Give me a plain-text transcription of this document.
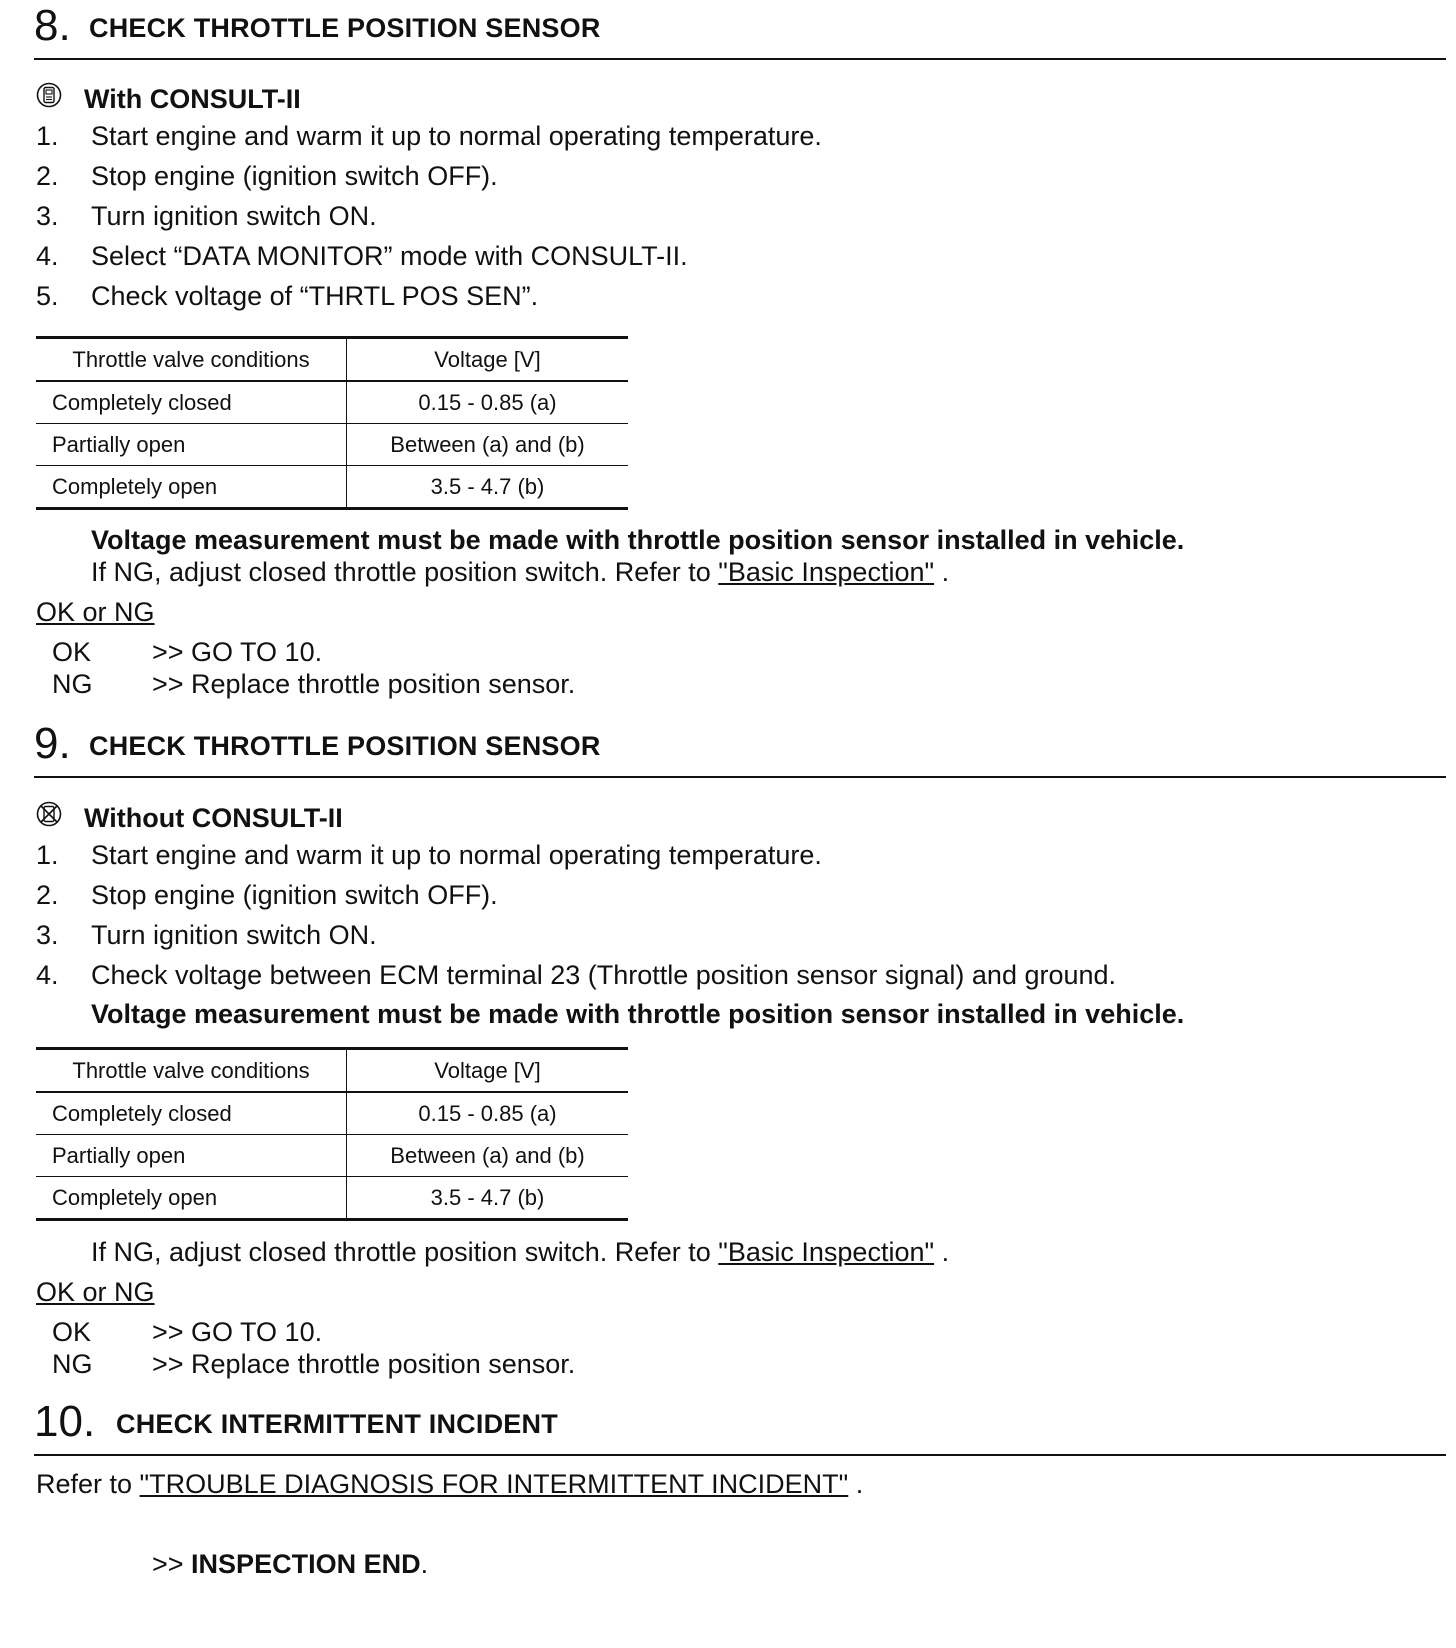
8. CHECK THROTTLE POSITION SENSOR
With CONSULT-II
1.	Start engine and warm it up to normal operating temperature.
2.	Stop engine (ignition switch OFF).
3.	Turn ignition switch ON.
4.	Select “DATA MONITOR” mode with CONSULT-II.
5.	Check voltage of “THRTL POS SEN”.
Throttle valve conditions	Voltage [V]
Completely closed	0.15 - 0.85 (a)
Partially open	Between (a) and (b)
Completely open	3.5 - 4.7 (b)
Voltage measurement must be made with throttle position sensor installed in vehicle.
If NG, adjust closed throttle position switch. Refer to "Basic Inspection" .
OK or NG
OK >> GO TO 10.
NG >> Replace throttle position sensor.
9. CHECK THROTTLE POSITION SENSOR
Without CONSULT-II
1.	Start engine and warm it up to normal operating temperature.
2.	Stop engine (ignition switch OFF).
3.	Turn ignition switch ON.
4.	Check voltage between ECM terminal 23 (Throttle position sensor signal) and ground.
Voltage measurement must be made with throttle position sensor installed in vehicle.
Throttle valve conditions	Voltage [V]
Completely closed	0.15 - 0.85 (a)
Partially open	Between (a) and (b)
Completely open	3.5 - 4.7 (b)
If NG, adjust closed throttle position switch. Refer to "Basic Inspection" .
OK or NG
OK >> GO TO 10.
NG >> Replace throttle position sensor.
10. CHECK INTERMITTENT INCIDENT
Refer to "TROUBLE DIAGNOSIS FOR INTERMITTENT INCIDENT" .
>> INSPECTION END.
